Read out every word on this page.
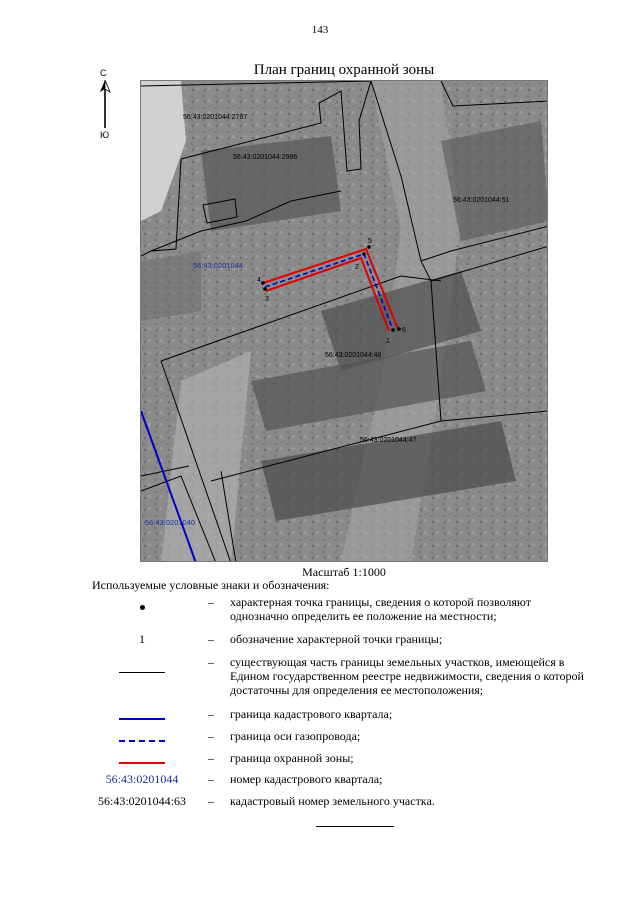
143
План границ охранной зоны
С
Ю
1
2
3
4
5
6
56:43:0201044:2787
56:43:0201044:2986
56:43:0201044:51
56:43:0201044:48
56:43:0201044:47
56:43:0201044
56:43:0201040
Масштаб 1:1000
Используемые условные знаки и обозначения:
– характерная точка границы, сведения о которой позволяют однозначно определить ее положение на местности;
1	– обозначение характерной точки границы;
– существующая часть границы земельных участков, имеющейся в Едином государственном реестре недвижимости, сведения о которой достаточны для определения ее местоположения;
– граница кадастрового квартала;
– граница оси газопровода;
– граница охранной зоны;
56:43:0201044	– номер кадастрового квартала;
56:43:0201044:63	– кадастровый номер земельного участка.
